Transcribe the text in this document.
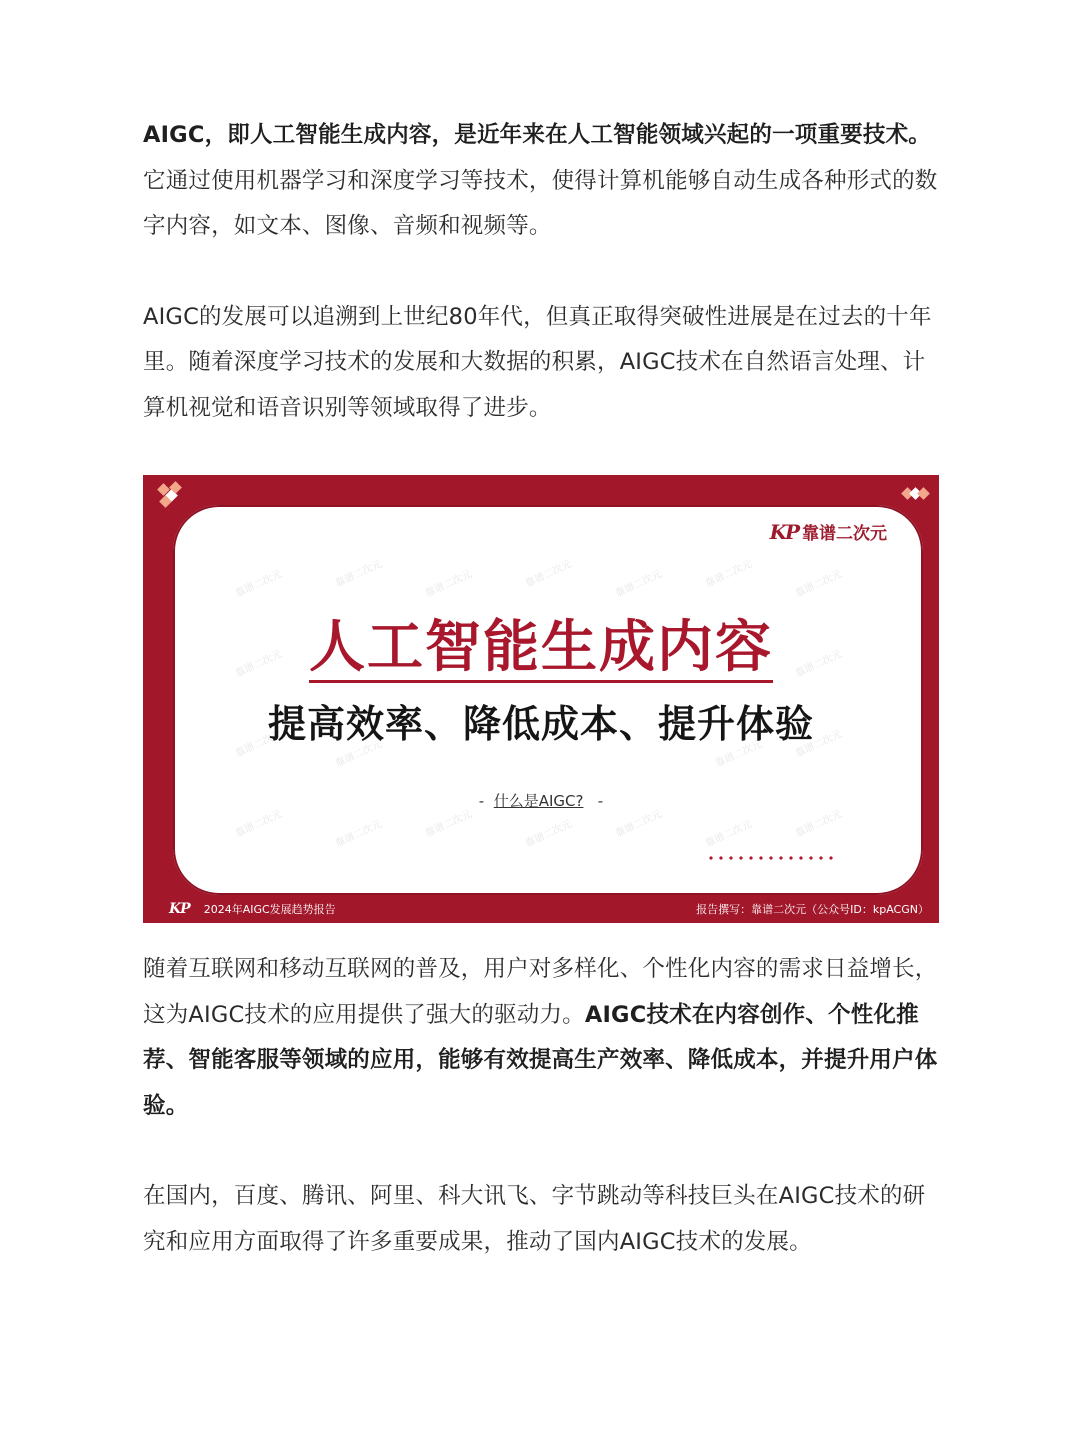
AIGC，即人工智能生成内容，是近年来在人工智能领域兴起的一项重要技术。它通过使用机器学习和深度学习等技术，使得计算机能够自动生成各种形式的数字内容，如文本、图像、音频和视频等。

AIGC的发展可以追溯到上世纪80年代，但真正取得突破性进展是在过去的十年里。随着深度学习技术的发展和大数据的积累，AIGC技术在自然语言处理、计算机视觉和语音识别等领域取得了进步。

靠谱二次元	靠谱二次元	靠谱二次元	靠谱二次元	靠谱二次元	靠谱二次元	靠谱二次元
靠谱二次元	靠谱二次元
靠谱二次元	靠谱二次元	靠谱二次元	靠谱二次元
靠谱二次元	靠谱二次元	靠谱二次元	靠谱二次元	靠谱二次元	靠谱二次元	靠谱二次元
KP 靠谱二次元
人工智能生成内容
提高效率、降低成本、提升体验
- 什么是AIGC? -
KP 2024年AIGC发展趋势报告	报告撰写：靠谱二次元（公众号ID：kpACGN）

随着互联网和移动互联网的普及，用户对多样化、个性化内容的需求日益增长，这为AIGC技术的应用提供了强大的驱动力。AIGC技术在内容创作、个性化推荐、智能客服等领域的应用，能够有效提高生产效率、降低成本，并提升用户体验。

在国内，百度、腾讯、阿里、科大讯飞、字节跳动等科技巨头在AIGC技术的研究和应用方面取得了许多重要成果，推动了国内AIGC技术的发展。
